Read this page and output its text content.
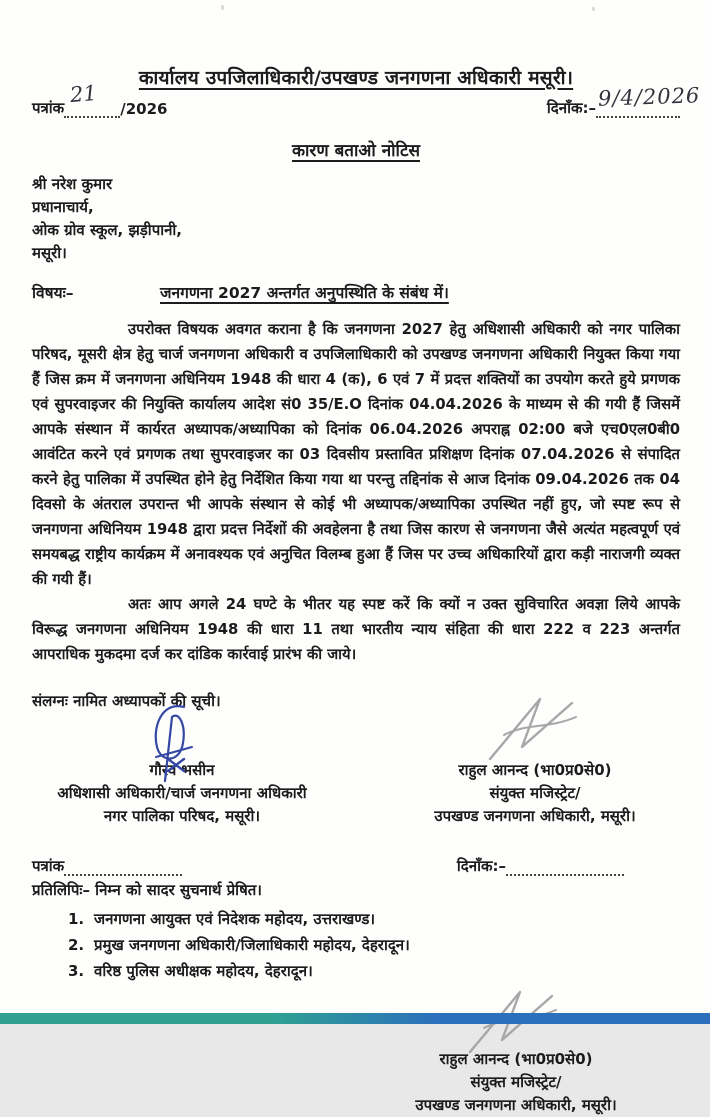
कार्यालय उपजिलाधिकारी/उपखण्ड जनगणना अधिकारी मसूरी।
पत्रांक
21
/2026	दिनाँक:– 9/4/2026
कारण बताओ नोटिस
श्री नरेश कुमार
प्रधानाचार्य,
ओक ग्रोव स्कूल, झड़ीपानी,
मसूरी।
विषयः–	जनगणना 2027 अन्तर्गत अनुपस्थिति के संबंध में।

उपरोक्त विषयक अवगत कराना है कि जनगणना 2027 हेतु अधिशासी अधिकारी को नगर पालिका परिषद, मूसरी क्षेत्र हेतु चार्ज जनगणना अधिकारी व उपजिलाधिकारी को उपखण्ड जनगणना अधिकारी नियुक्त किया गया हैं जिस क्रम में जनगणना अधिनियम 1948 की धारा 4 (क), 6 एवं 7 में प्रदत्त शक्तियों का उपयोग करते हुये प्रगणक एवं सुपरवाइजर की नियुक्ति कार्यालय आदेश सं0 35/E.O दिनांक 04.04.2026 के माध्यम से की गयी हैं जिसमें आपके संस्थान में कार्यरत अध्यापक/अध्यापिका को दिनांक 06.04.2026 अपराह्न 02:00 बजे एच0एल0बी0 आवंटित करने एवं प्रगणक तथा सुपरवाइजर का 03 दिवसीय प्रस्तावित प्रशिक्षण दिनांक 07.04.2026 से संपादित करने हेतु पालिका में उपस्थित होने हेतु निर्देशित किया गया था परन्तु तद्दिनांक से आज दिनांक 09.04.2026 तक 04 दिवसो के अंतराल उपरान्त भी आपके संस्थान से कोई भी अध्यापक/अध्यापिका उपस्थित नहीं हुए, जो स्पष्ट रूप से जनगणना अधिनियम 1948 द्वारा प्रदत्त निर्देशों की अवहेलना है तथा जिस कारण से जनगणना जैसे अत्यंत महत्वपूर्ण एवं समयबद्ध राष्ट्रीय कार्यक्रम में अनावश्यक एवं अनुचित विलम्ब हुआ हैं जिस पर उच्च अधिकारियों द्वारा कड़ी नाराजगी व्यक्त की गयी हैं।

अतः आप अगले 24 घण्टे के भीतर यह स्पष्ट करें कि क्यों न उक्त सुविचारित अवज्ञा लिये आपके विरूद्ध जनगणना अधिनियम 1948 की धारा 11 तथा भारतीय न्याय संहिता की धारा 222 व 223 अन्तर्गत आपराधिक मुकदमा दर्ज कर दांडिक कार्रवाई प्रारंभ की जाये।

संलग्नः नामित अध्यापकों की सूची।
गौरव भसीन
अधिशासी अधिकारी/चार्ज जनगणना अधिकारी
नगर पालिका परिषद, मसूरी।
राहुल आनन्द (भा0प्र0से0)
संयुक्त मजिस्ट्रेट/
उपखण्ड जनगणना अधिकारी, मसूरी।
पत्रांक	दिनाँक:–
प्रतिलिपिः– निम्न को सादर सुचनार्थ प्रेषित।
1. जनगणना आयुक्त एवं निदेशक महोदय, उत्तराखण्ड।
2. प्रमुख जनगणना अधिकारी/जिलाधिकारी महोदय, देहरादून।
3. वरिष्ठ पुलिस अधीक्षक महोदय, देहरादून।
राहुल आनन्द (भा0प्र0से0)
संयुक्त मजिस्ट्रेट/
उपखण्ड जनगणना अधिकारी, मसूरी।
